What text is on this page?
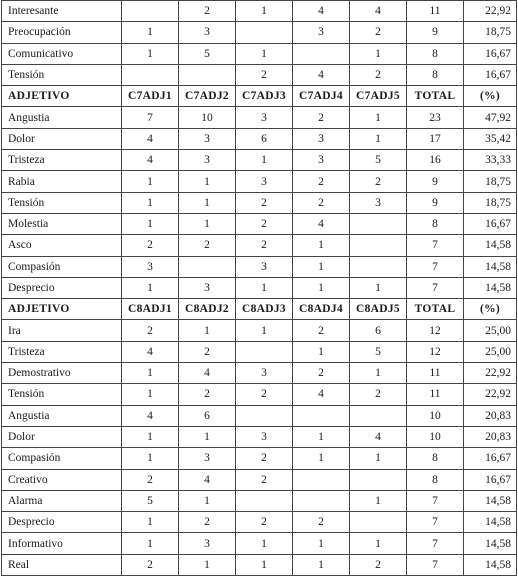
Interesante		2	1	4	4	11	22,92
Preocupación	1	3		3	2	9	18,75
Comunicativo	1	5	1		1	8	16,67
Tensión			2	4	2	8	16,67
ADJETIVO	C7ADJ1	C7ADJ2	C7ADJ3	C7ADJ4	C7ADJ5	TOTAL	(%)
Angustia	7	10	3	2	1	23	47,92
Dolor	4	3	6	3	1	17	35,42
Tristeza	4	3	1	3	5	16	33,33
Rabia	1	1	3	2	2	9	18,75
Tensión	1	1	2	2	3	9	18,75
Molestia	1	1	2	4		8	16,67
Asco	2	2	2	1		7	14,58
Compasión	3		3	1		7	14,58
Desprecio	1	3	1	1	1	7	14,58
ADJETIVO	C8ADJ1	C8ADJ2	C8ADJ3	C8ADJ4	C8ADJ5	TOTAL	(%)
Ira	2	1	1	2	6	12	25,00
Tristeza	4	2		1	5	12	25,00
Demostrativo	1	4	3	2	1	11	22,92
Tensión	1	2	2	4	2	11	22,92
Angustia	4	6				10	20,83
Dolor	1	1	3	1	4	10	20,83
Compasión	1	3	2	1	1	8	16,67
Creativo	2	4	2			8	16,67
Alarma	5	1			1	7	14,58
Desprecio	1	2	2	2		7	14,58
Informativo	1	3	1	1	1	7	14,58
Real	2	1	1	1	2	7	14,58
